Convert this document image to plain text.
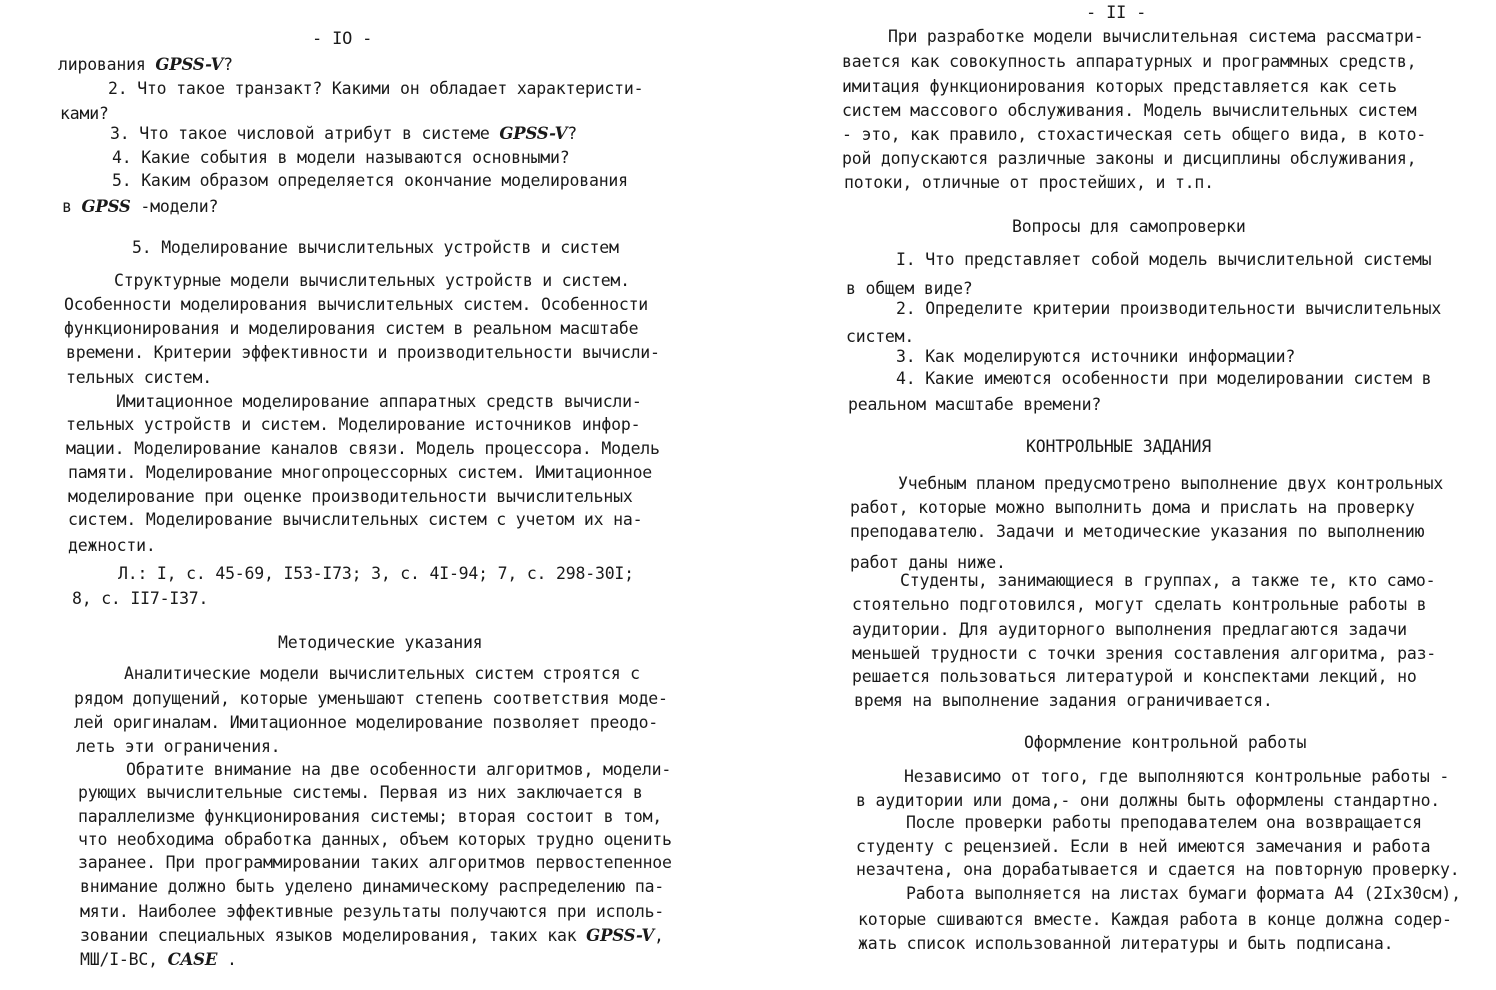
- IO -
лирования GPSS-V?
2. Что такое транзакт? Какими он обладает характеристи-
ками?
3. Что такое числовой атрибут в системе GPSS-V?
4. Какие события в модели называются основными?
5. Каким образом определяется окончание моделирования
в GPSS -модели?
5. Моделирование вычислительных устройств и систем
Структурные модели вычислительных устройств и систем.
Особенности моделирования вычислительных систем. Особенности
функционирования и моделирования систем в реальном масштабе
времени. Критерии эффективности и производительности вычисли-
тельных систем.
Имитационное моделирование аппаратных средств вычисли-
тельных устройств и систем. Моделирование источников инфор-
мации. Моделирование каналов связи. Модель процессора. Модель
памяти. Моделирование многопроцессорных систем. Имитационное
моделирование при оценке производительности вычислительных
систем. Моделирование вычислительных систем с учетом их на-
дежности.
Л.: I, с. 45-69, I53-I73; 3, с. 4I-94; 7, с. 298-30I;
8, с. II7-I37.
Методические указания
Аналитические модели вычислительных систем строятся с
рядом допущений, которые уменьшают степень соответствия моде-
лей оригиналам. Имитационное моделирование позволяет преодо-
леть эти ограничения.
Обратите внимание на две особенности алгоритмов, модели-
рующих вычислительные системы. Первая из них заключается в
параллелизме функционирования системы; вторая состоит в том,
что необходима обработка данных, объем которых трудно оценить
заранее. При программировании таких алгоритмов первостепенное
внимание должно быть уделено динамическому распределению па-
мяти. Наиболее эффективные результаты получаются при исполь-
зовании специальных языков моделирования, таких как GPSS-V,
МШ/I-ВС, CASE .
- II -
При разработке модели вычислительная система рассматри-
вается как совокупность аппаратурных и программных средств,
имитация функционирования которых представляется как сеть
систем массового обслуживания. Модель вычислительных систем
- это, как правило, стохастическая сеть общего вида, в кото-
рой допускаются различные законы и дисциплины обслуживания,
потоки, отличные от простейших, и т.п.
Вопросы для самопроверки
I. Что представляет собой модель вычислительной системы
в общем виде?
2. Определите критерии производительности вычислительных
систем.
3. Как моделируются источники информации?
4. Какие имеются особенности при моделировании систем в
реальном масштабе времени?
КОНТРОЛЬНЫЕ ЗАДАНИЯ
Учебным планом предусмотрено выполнение двух контрольных
работ, которые можно выполнить дома и прислать на проверку
преподавателю. Задачи и методические указания по выполнению
работ даны ниже.
Студенты, занимающиеся в группах, а также те, кто само-
стоятельно подготовился, могут сделать контрольные работы в
аудитории. Для аудиторного выполнения предлагаются задачи
меньшей трудности с точки зрения составления алгоритма, раз-
решается пользоваться литературой и конспектами лекций, но
время на выполнение задания ограничивается.
Оформление контрольной работы
Независимо от того, где выполняются контрольные работы -
в аудитории или дома,- они должны быть оформлены стандартно.
После проверки работы преподавателем она возвращается
студенту с рецензией. Если в ней имеются замечания и работа
незачтена, она дорабатывается и сдается на повторную проверку.
Работа выполняется на листах бумаги формата А4 (2Iх30см),
которые сшиваются вместе. Каждая работа в конце должна содер-
жать список использованной литературы и быть подписана.
